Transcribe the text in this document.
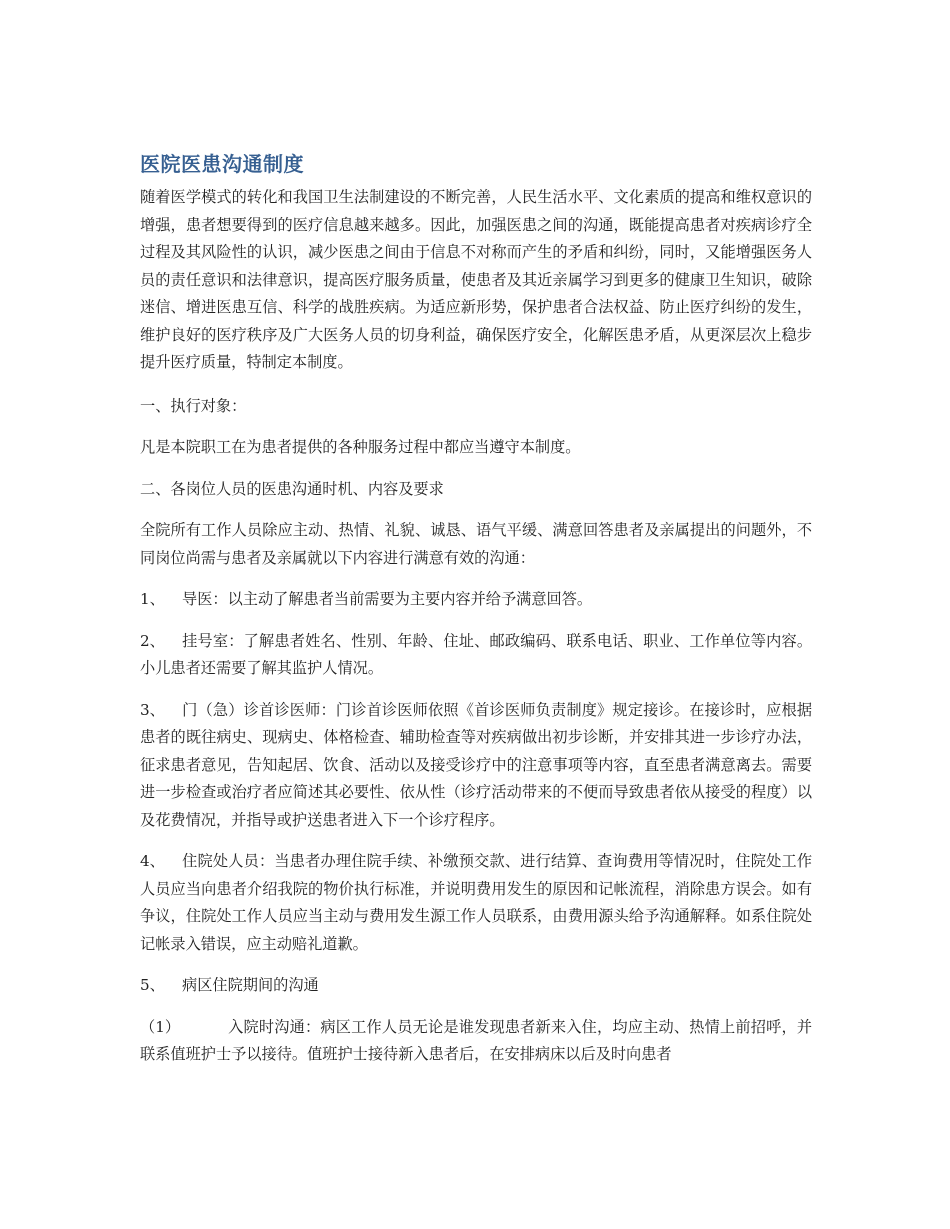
医院医患沟通制度

随着医学模式的转化和我国卫生法制建设的不断完善，人民生活水平、文化素质的提高和维权意识的增强，患者想要得到的医疗信息越来越多。因此，加强医患之间的沟通，既能提高患者对疾病诊疗全过程及其风险性的认识，减少医患之间由于信息不对称而产生的矛盾和纠纷，同时，又能增强医务人员的责任意识和法律意识，提高医疗服务质量，使患者及其近亲属学习到更多的健康卫生知识，破除迷信、增进医患互信、科学的战胜疾病。为适应新形势，保护患者合法权益、防止医疗纠纷的发生，维护良好的医疗秩序及广大医务人员的切身利益，确保医疗安全，化解医患矛盾，从更深层次上稳步提升医疗质量，特制定本制度。

一、执行对象：

凡是本院职工在为患者提供的各种服务过程中都应当遵守本制度。

二、各岗位人员的医患沟通时机、内容及要求

全院所有工作人员除应主动、热情、礼貌、诚恳、语气平缓、满意回答患者及亲属提出的问题外，不同岗位尚需与患者及亲属就以下内容进行满意有效的沟通：

1、 导医：以主动了解患者当前需要为主要内容并给予满意回答。

2、 挂号室：了解患者姓名、性别、年龄、住址、邮政编码、联系电话、职业、工作单位等内容。小儿患者还需要了解其监护人情况。

3、 门（急）诊首诊医师：门诊首诊医师依照《首诊医师负责制度》规定接诊。在接诊时，应根据患者的既往病史、现病史、体格检查、辅助检查等对疾病做出初步诊断，并安排其进一步诊疗办法，征求患者意见，告知起居、饮食、活动以及接受诊疗中的注意事项等内容，直至患者满意离去。需要进一步检查或治疗者应简述其必要性、依从性（诊疗活动带来的不便而导致患者依从接受的程度）以及花费情况，并指导或护送患者进入下一个诊疗程序。

4、 住院处人员：当患者办理住院手续、补缴预交款、进行结算、查询费用等情况时，住院处工作人员应当向患者介绍我院的物价执行标准，并说明费用发生的原因和记帐流程，消除患方误会。如有争议，住院处工作人员应当主动与费用发生源工作人员联系，由费用源头给予沟通解释。如系住院处记帐录入错误，应主动赔礼道歉。

5、 病区住院期间的沟通

（1）	入院时沟通：病区工作人员无论是谁发现患者新来入住，均应主动、热情上前招呼，并联系值班护士予以接待。值班护士接待新入患者后，在安排病床以后及时向患者
